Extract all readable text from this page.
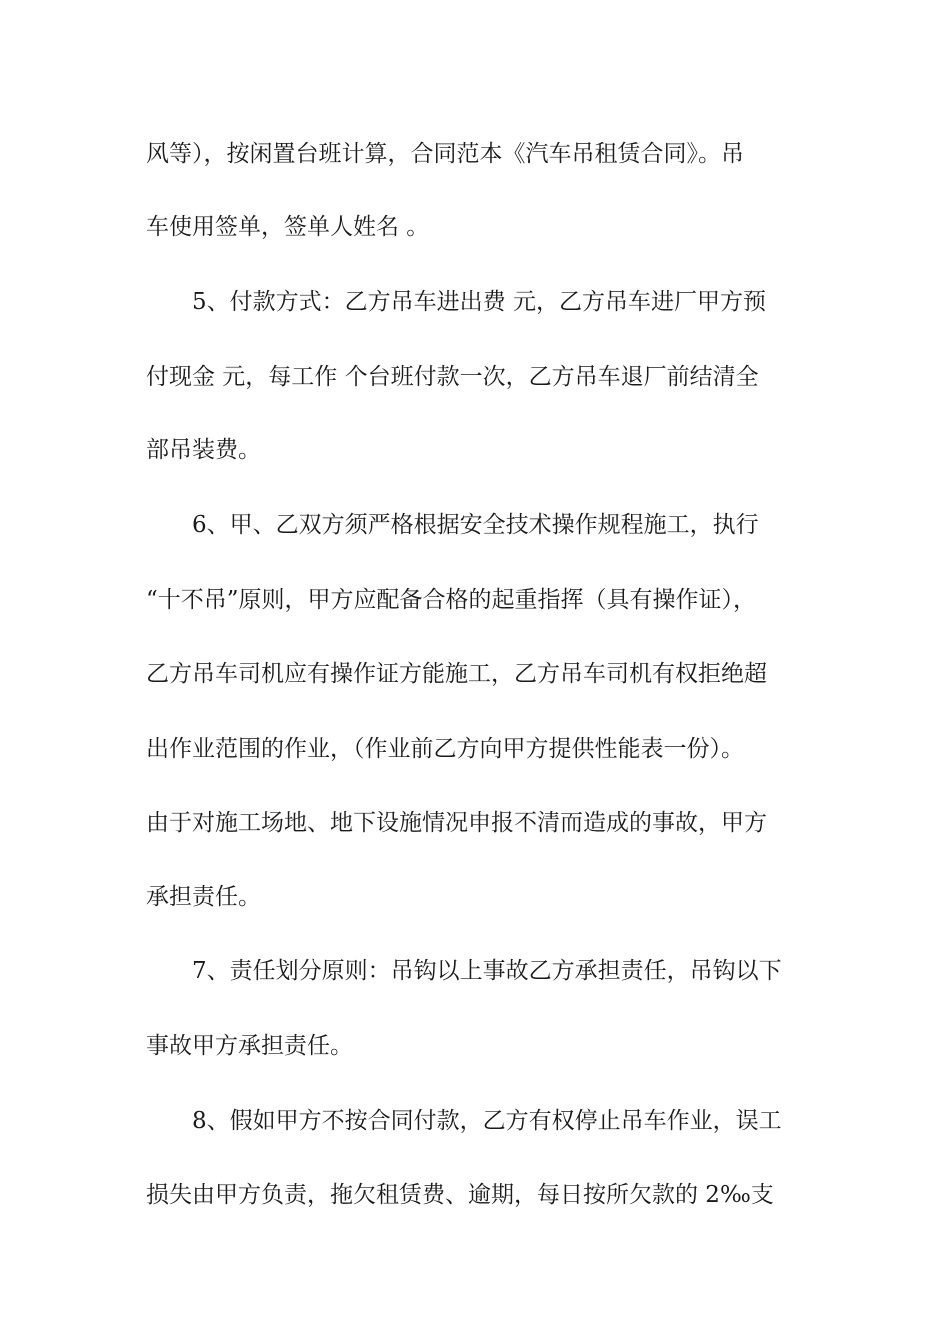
风等），按闲置台班计算，合同范本《汽车吊租赁合同》。吊
车使用签单，签单人姓名 。
5、付款方式：乙方吊车进出费 元，乙方吊车进厂甲方预
付现金 元，每工作 个台班付款一次，乙方吊车退厂前结清全
部吊装费。
6、甲、乙双方须严格根据安全技术操作规程施工，执行
“十不吊”原则，甲方应配备合格的起重指挥（具有操作证），
乙方吊车司机应有操作证方能施工，乙方吊车司机有权拒绝超
出作业范围的作业，（作业前乙方向甲方提供性能表一份）。
由于对施工场地、地下设施情况申报不清而造成的事故，甲方
承担责任。
7、责任划分原则：吊钩以上事故乙方承担责任，吊钩以下
事故甲方承担责任。
8、假如甲方不按合同付款，乙方有权停止吊车作业，误工
损失由甲方负责，拖欠租赁费、逾期，每日按所欠款的 2‰支
